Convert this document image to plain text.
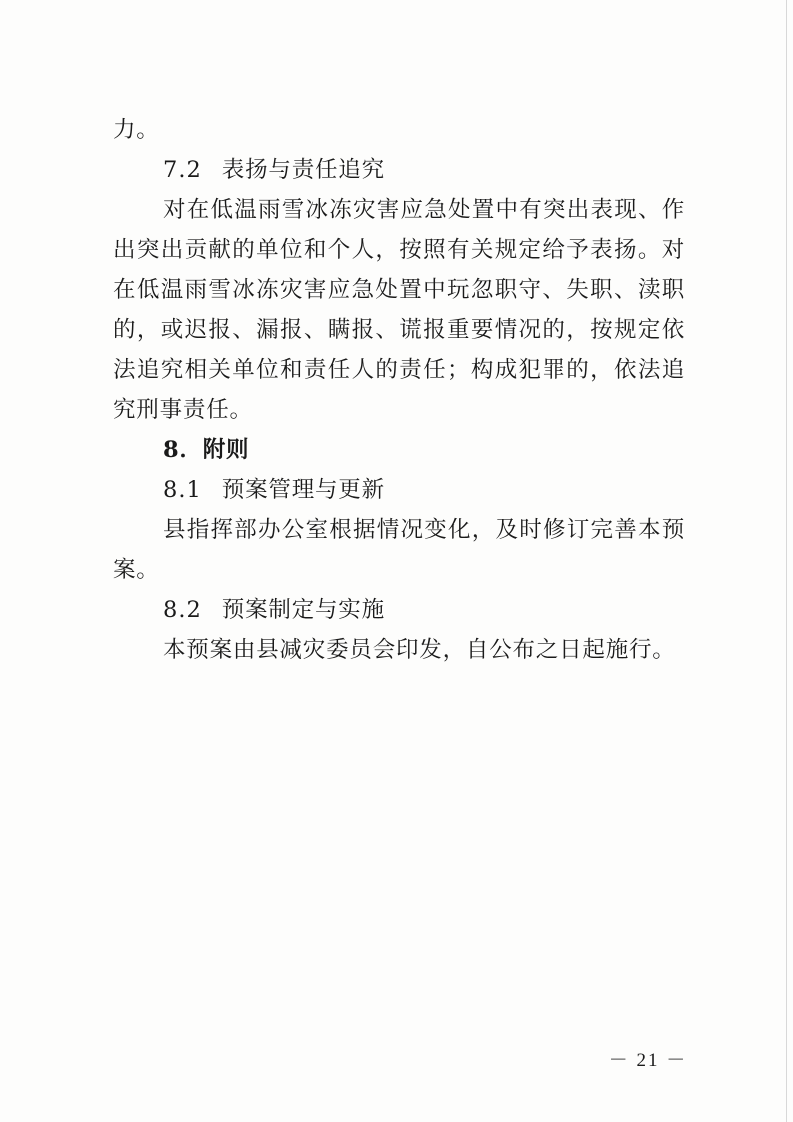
力。

7.2 表扬与责任追究

对在低温雨雪冰冻灾害应急处置中有突出表现、作出突出贡献的单位和个人，按照有关规定给予表扬。对在低温雨雪冰冻灾害应急处置中玩忽职守、失职、渎职的，或迟报、漏报、瞒报、谎报重要情况的，按规定依法追究相关单位和责任人的责任；构成犯罪的，依法追究刑事责任。

8．附则

8.1 预案管理与更新

县指挥部办公室根据情况变化，及时修订完善本预案。

8.2 预案制定与实施

本预案由县减灾委员会印发，自公布之日起施行。

－ 21 －
